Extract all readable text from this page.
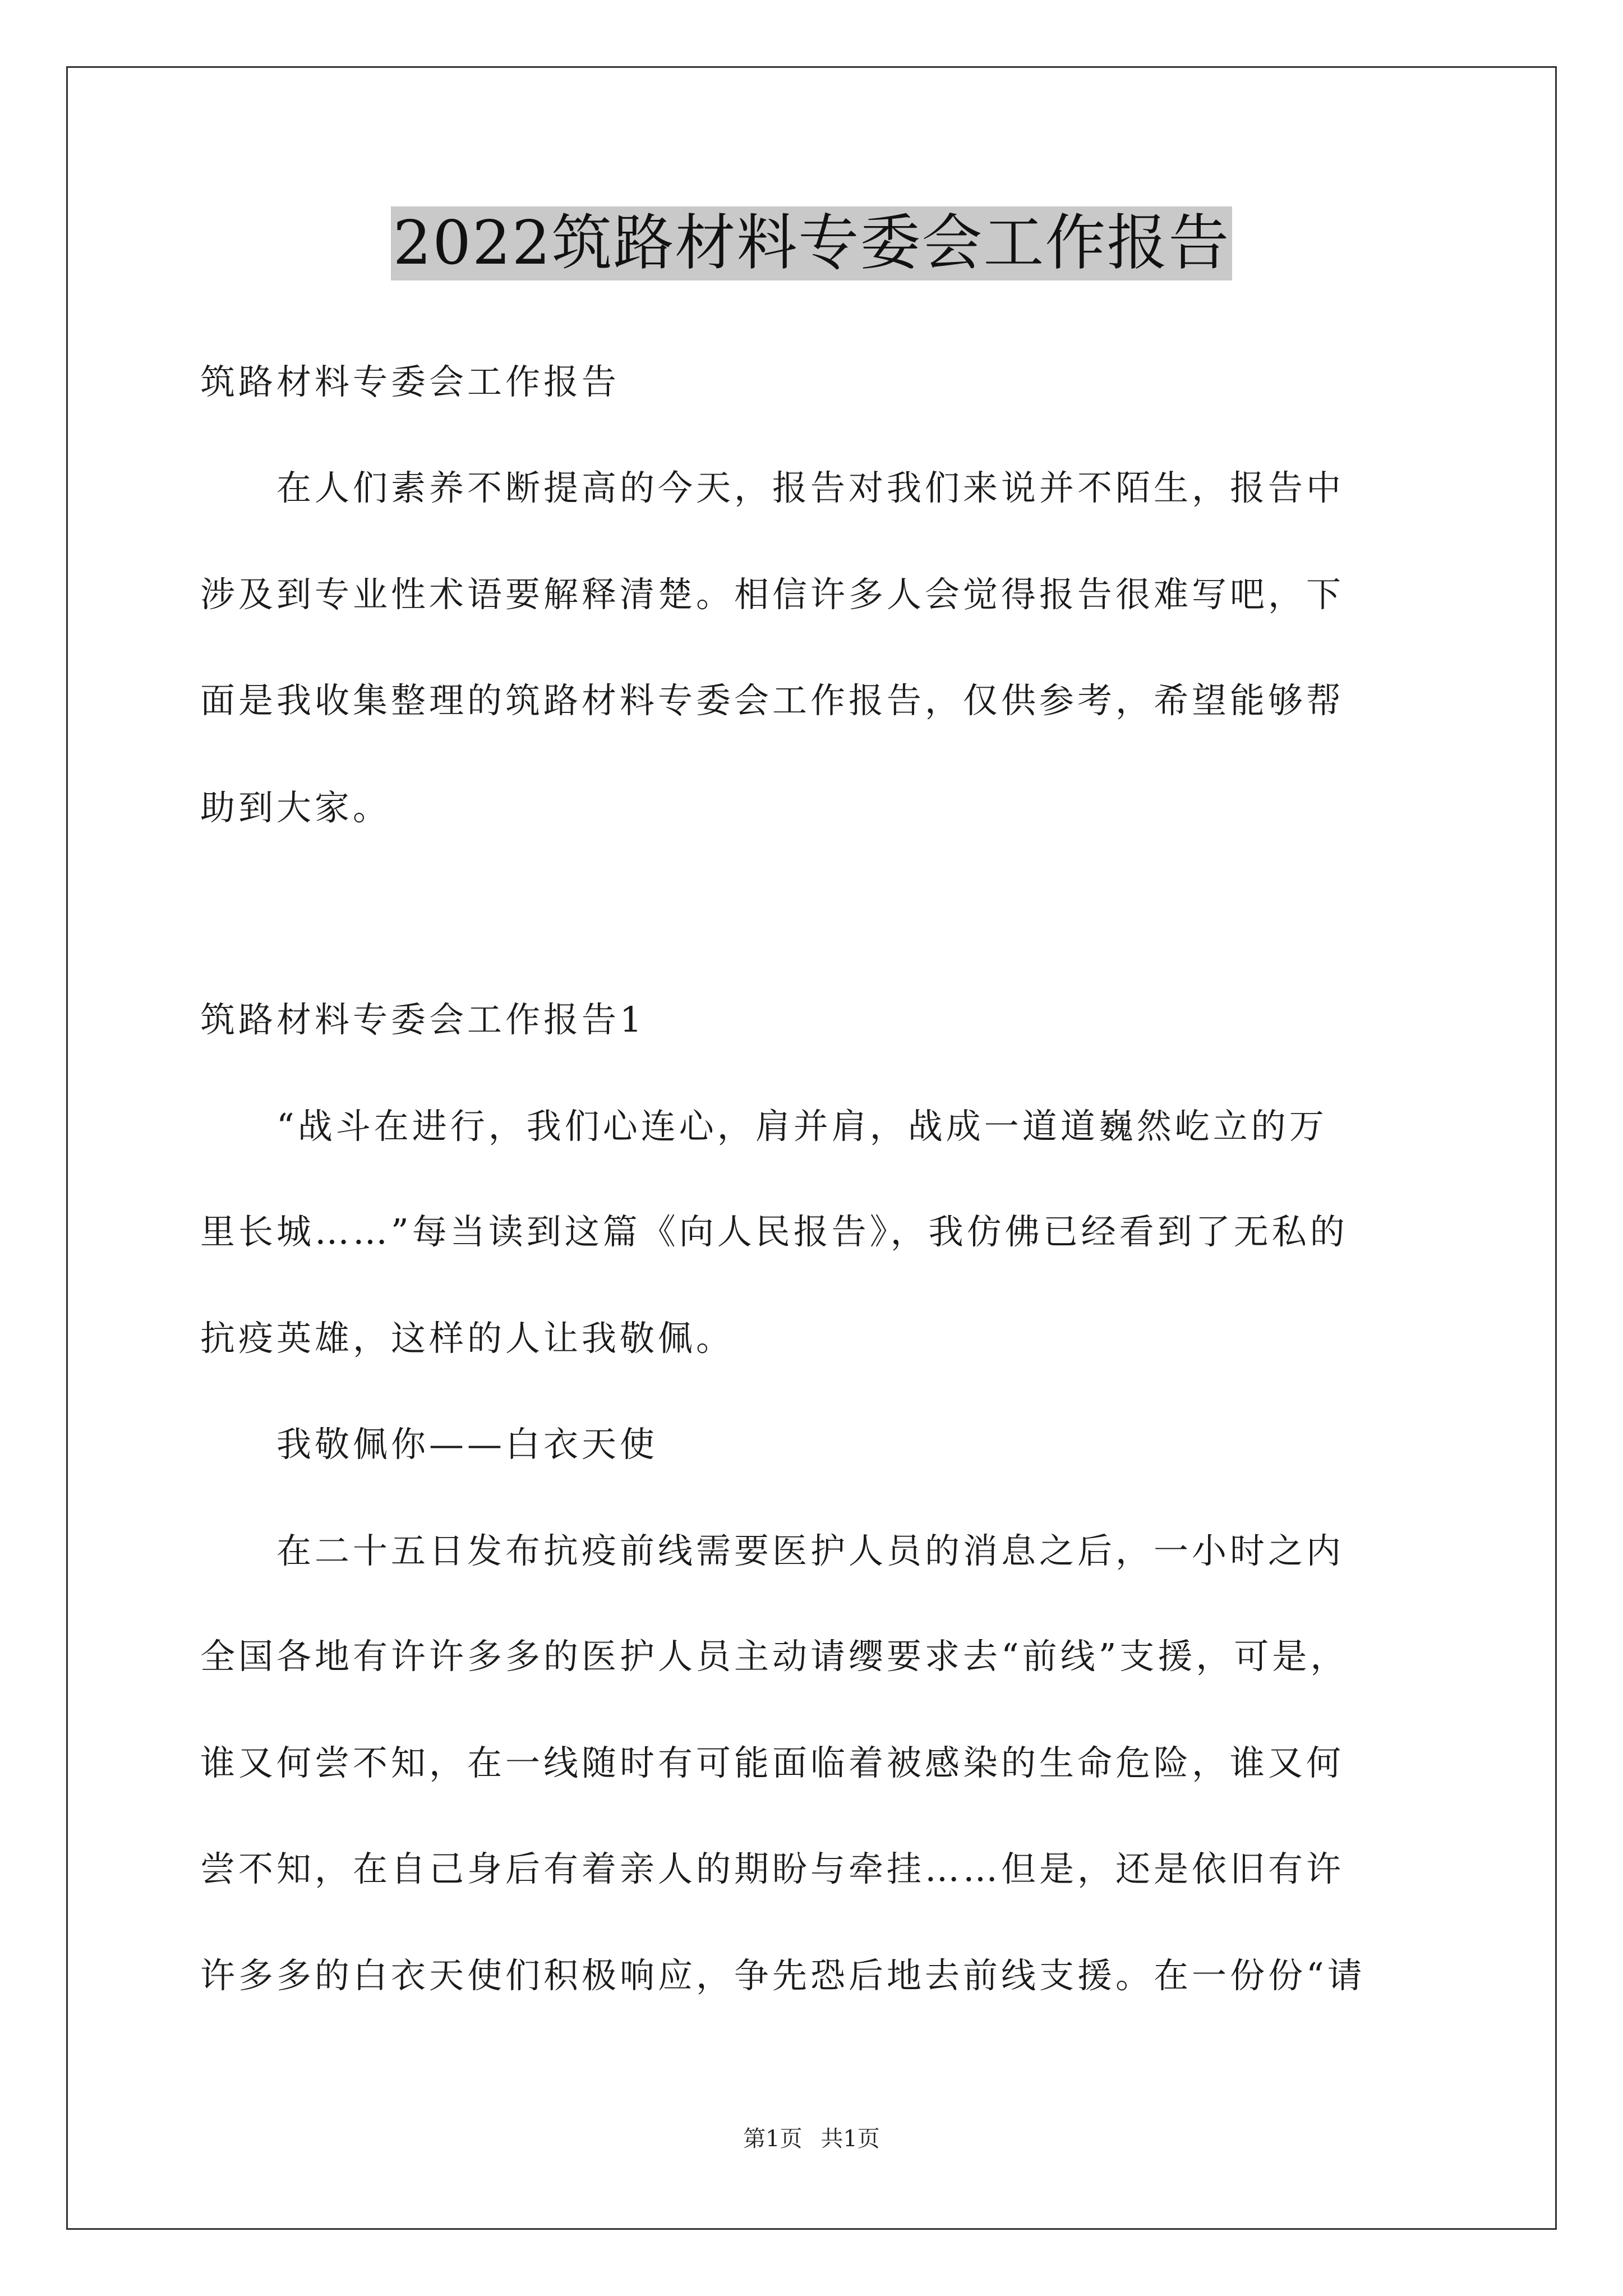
2022筑路材料专委会工作报告
筑路材料专委会工作报告
　　在人们素养不断提高的今天，报告对我们来说并不陌生，报告中
涉及到专业性术语要解释清楚。相信许多人会觉得报告很难写吧，下
面是我收集整理的筑路材料专委会工作报告，仅供参考，希望能够帮
助到大家。
筑路材料专委会工作报告1
　　“战斗在进行，我们心连心，肩并肩，战成一道道巍然屹立的万
里长城……”每当读到这篇《向人民报告》，我仿佛已经看到了无私的
抗疫英雄，这样的人让我敬佩。
　　我敬佩你——白衣天使
　　在二十五日发布抗疫前线需要医护人员的消息之后，一小时之内
全国各地有许许多多的医护人员主动请缨要求去“前线”支援，可是，
谁又何尝不知，在一线随时有可能面临着被感染的生命危险，谁又何
尝不知，在自己身后有着亲人的期盼与牵挂……但是，还是依旧有许
许多多的白衣天使们积极响应，争先恐后地去前线支援。在一份份“请
第1页 共1页
